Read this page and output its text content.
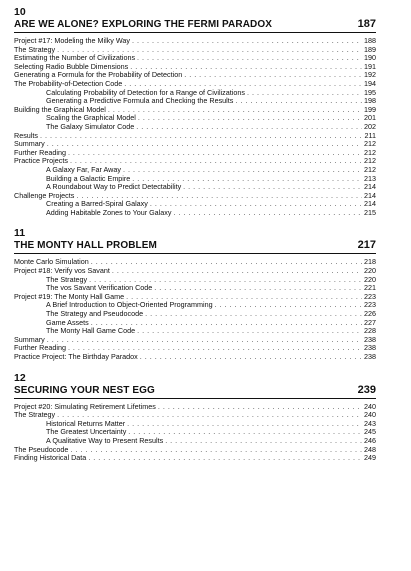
10
ARE WE ALONE? EXPLORING THE FERMI PARADOX	187
Project #17: Modeling the Milky Way . . .	188
The Strategy . . .	189
Estimating the Number of Civilizations . . .	190
Selecting Radio Bubble Dimensions . . .	191
Generating a Formula for the Probability of Detection . . .	192
The Probability-of-Detection Code . . .	194
Calculating Probability of Detection for a Range of Civilizations . . .	195
Generating a Predictive Formula and Checking the Results . . .	198
Building the Graphical Model . . .	199
Scaling the Graphical Model . . .	201
The Galaxy Simulator Code . . .	202
Results . . .	211
Summary . . .	212
Further Reading . . .	212
Practice Projects . . .	212
A Galaxy Far, Far Away . . .	212
Building a Galactic Empire . . .	213
A Roundabout Way to Predict Detectability . . .	214
Challenge Projects . . .	214
Creating a Barred-Spiral Galaxy . . .	214
Adding Habitable Zones to Your Galaxy . . .	215
11
THE MONTY HALL PROBLEM	217
Monte Carlo Simulation . . .	218
Project #18: Verify vos Savant . . .	220
The Strategy . . .	220
The vos Savant Verification Code . . .	221
Project #19: The Monty Hall Game . . .	223
A Brief Introduction to Object-Oriented Programming . . .	223
The Strategy and Pseudocode . . .	226
Game Assets . . .	227
The Monty Hall Game Code . . .	228
Summary . . .	238
Further Reading . . .	238
Practice Project: The Birthday Paradox . . .	238
12
SECURING YOUR NEST EGG	239
Project #20: Simulating Retirement Lifetimes . . .	240
The Strategy . . .	240
Historical Returns Matter . . .	243
The Greatest Uncertainty . . .	245
A Qualitative Way to Present Results . . .	246
The Pseudocode . . .	248
Finding Historical Data . . .	249
